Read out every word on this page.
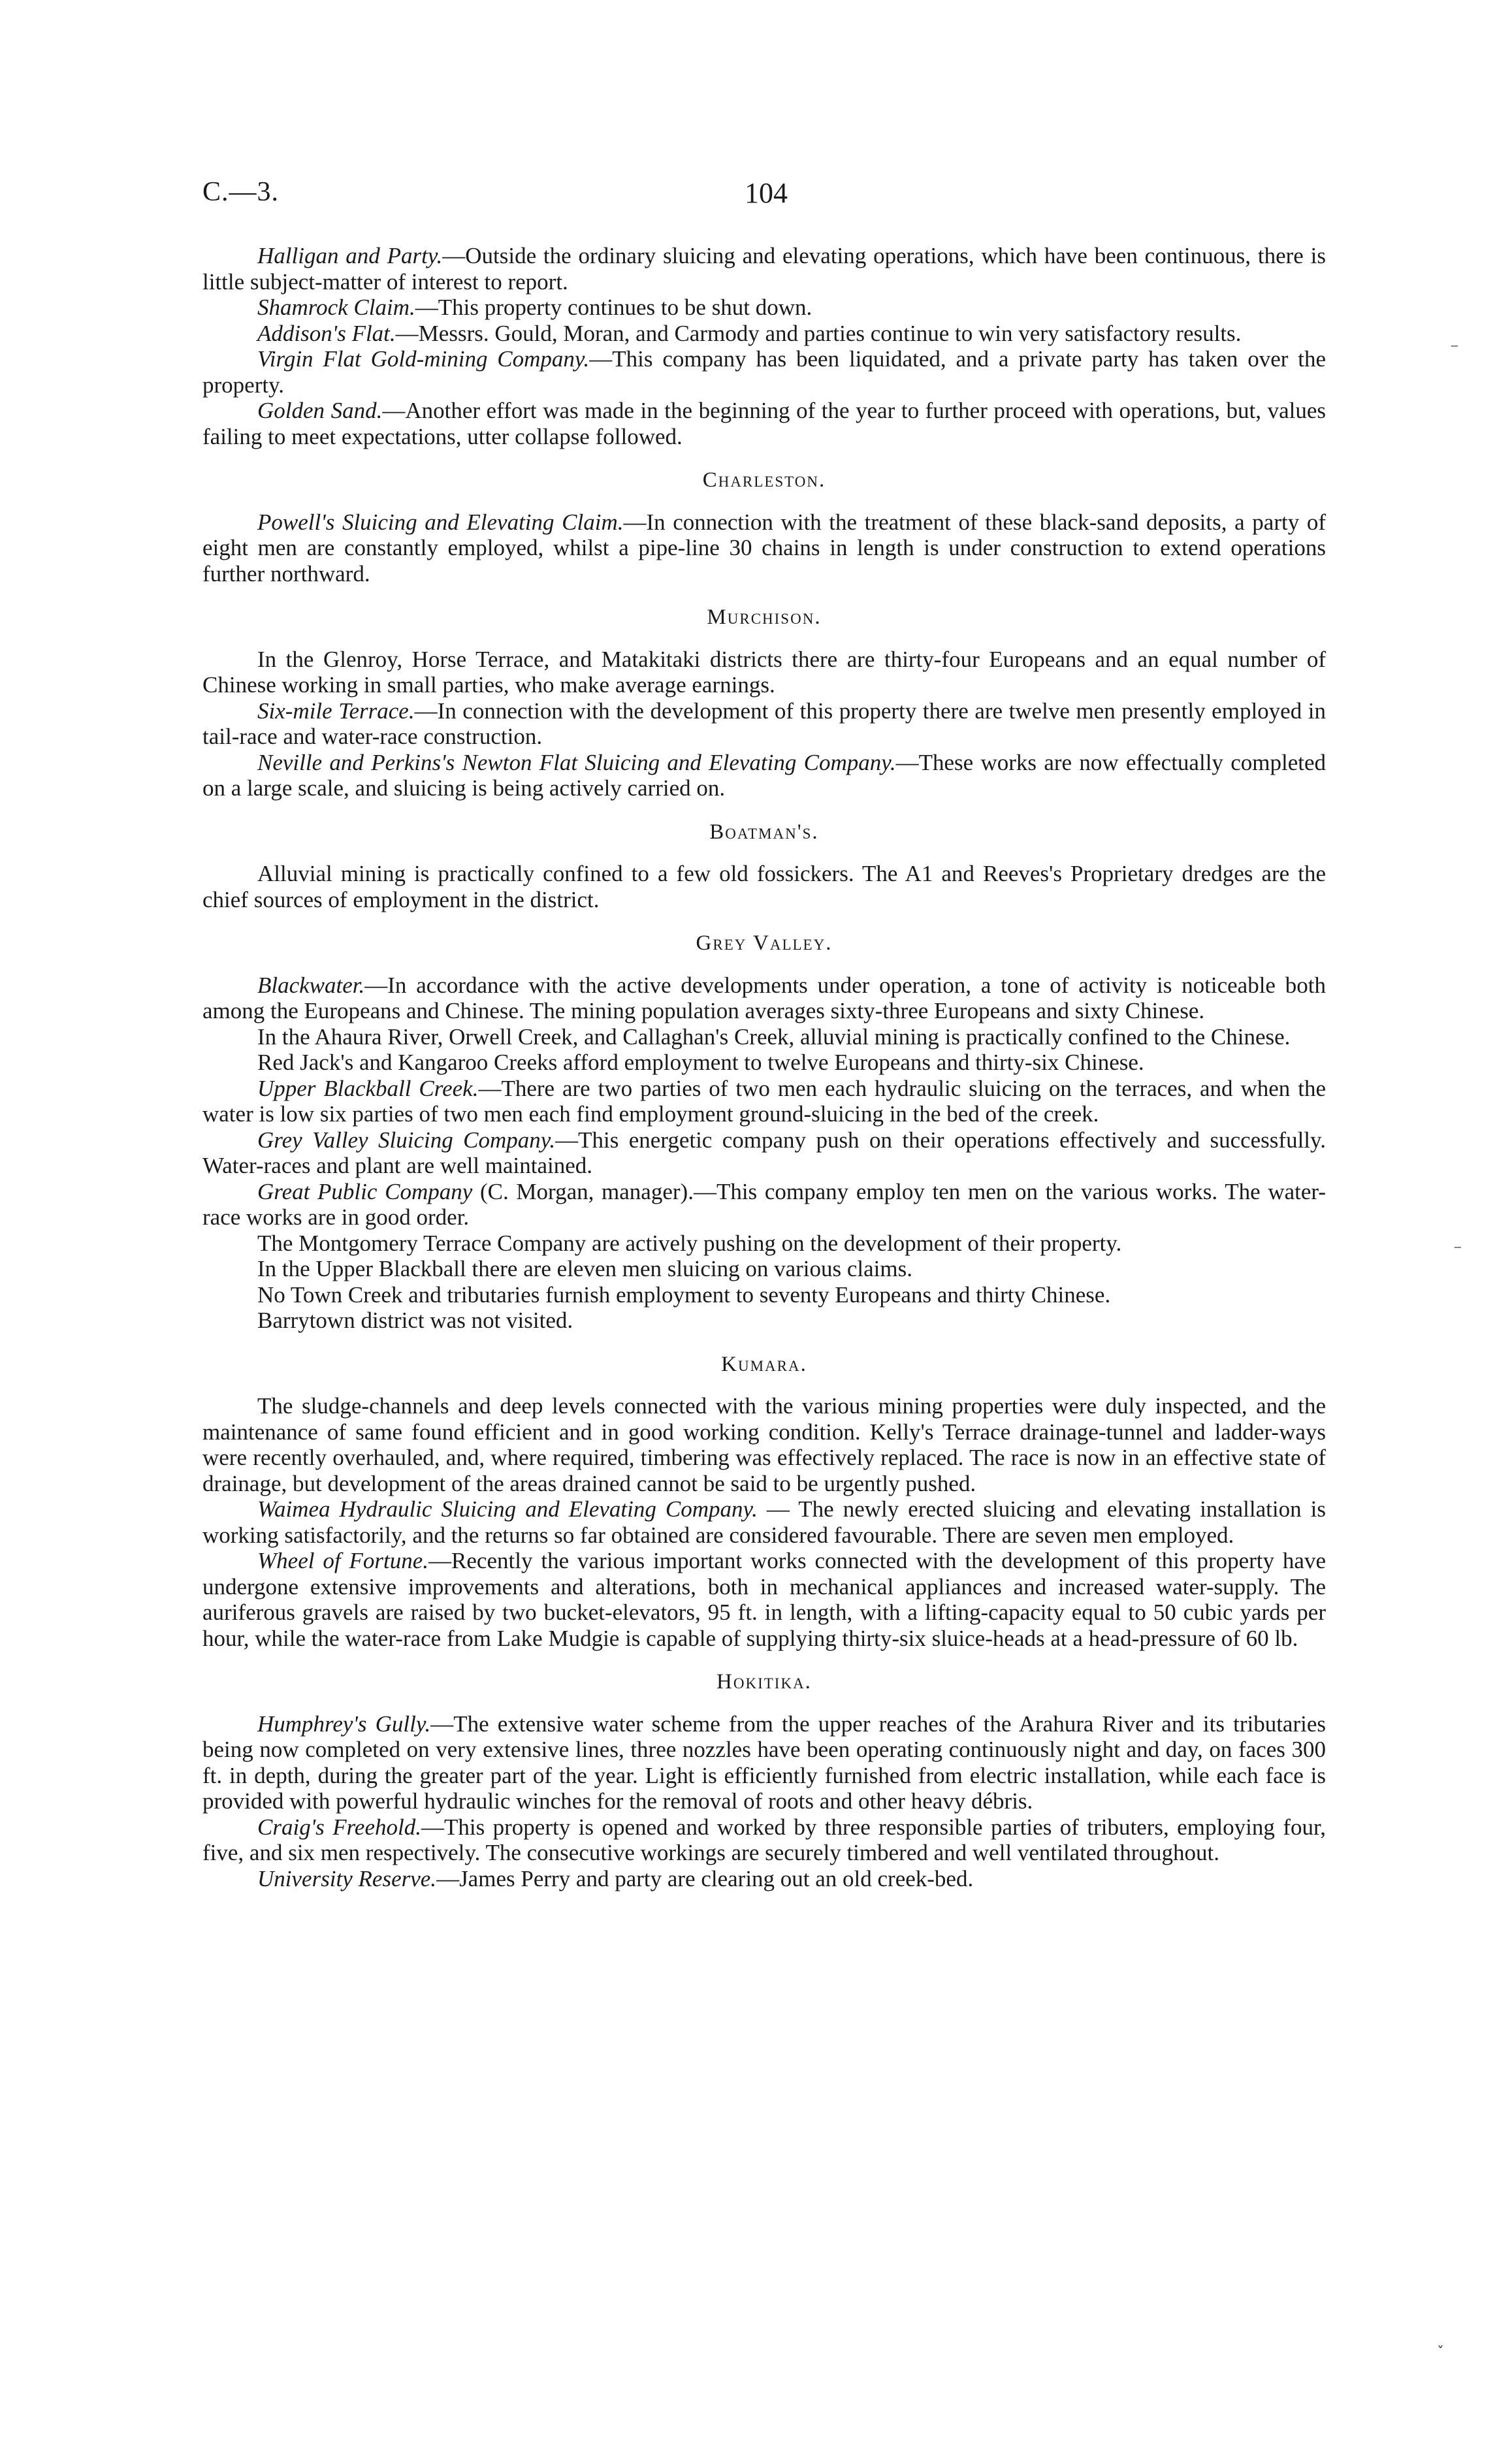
C.—3.	104

Halligan and Party.—Outside the ordinary sluicing and elevating operations, which have been continuous, there is little subject-matter of interest to report.

Shamrock Claim.—This property continues to be shut down.

Addison's Flat.—Messrs. Gould, Moran, and Carmody and parties continue to win very satisfactory results.

Virgin Flat Gold-mining Company.—This company has been liquidated, and a private party has taken over the property.

Golden Sand.—Another effort was made in the beginning of the year to further proceed with operations, but, values failing to meet expectations, utter collapse followed.

Charleston.

Powell's Sluicing and Elevating Claim.—In connection with the treatment of these black-sand deposits, a party of eight men are constantly employed, whilst a pipe-line 30 chains in length is under construction to extend operations further northward.

Murchison.

In the Glenroy, Horse Terrace, and Matakitaki districts there are thirty-four Europeans and an equal number of Chinese working in small parties, who make average earnings.

Six-mile Terrace.—In connection with the development of this property there are twelve men presently employed in tail-race and water-race construction.

Neville and Perkins's Newton Flat Sluicing and Elevating Company.—These works are now effectually completed on a large scale, and sluicing is being actively carried on.

Boatman's.

Alluvial mining is practically confined to a few old fossickers. The A1 and Reeves's Proprietary dredges are the chief sources of employment in the district.

Grey Valley.

Blackwater.—In accordance with the active developments under operation, a tone of activity is noticeable both among the Europeans and Chinese. The mining population averages sixty-three Europeans and sixty Chinese.

In the Ahaura River, Orwell Creek, and Callaghan's Creek, alluvial mining is practically confined to the Chinese.

Red Jack's and Kangaroo Creeks afford employment to twelve Europeans and thirty-six Chinese.

Upper Blackball Creek.—There are two parties of two men each hydraulic sluicing on the terraces, and when the water is low six parties of two men each find employment ground-sluicing in the bed of the creek.

Grey Valley Sluicing Company.—This energetic company push on their operations effectively and successfully. Water-races and plant are well maintained.

Great Public Company (C. Morgan, manager).—This company employ ten men on the various works. The water-race works are in good order.

The Montgomery Terrace Company are actively pushing on the development of their property.

In the Upper Blackball there are eleven men sluicing on various claims.

No Town Creek and tributaries furnish employment to seventy Europeans and thirty Chinese.

Barrytown district was not visited.

Kumara.

The sludge-channels and deep levels connected with the various mining properties were duly inspected, and the maintenance of same found efficient and in good working condition. Kelly's Terrace drainage-tunnel and ladder-ways were recently overhauled, and, where required, timbering was effectively replaced. The race is now in an effective state of drainage, but development of the areas drained cannot be said to be urgently pushed.

Waimea Hydraulic Sluicing and Elevating Company. — The newly erected sluicing and elevating installation is working satisfactorily, and the returns so far obtained are considered favourable. There are seven men employed.

Wheel of Fortune.—Recently the various important works connected with the development of this property have undergone extensive improvements and alterations, both in mechanical appliances and increased water-supply. The auriferous gravels are raised by two bucket-elevators, 95 ft. in length, with a lifting-capacity equal to 50 cubic yards per hour, while the water-race from Lake Mudgie is capable of supplying thirty-six sluice-heads at a head-pressure of 60 lb.

Hokitika.

Humphrey's Gully.—The extensive water scheme from the upper reaches of the Arahura River and its tributaries being now completed on very extensive lines, three nozzles have been operating continuously night and day, on faces 300 ft. in depth, during the greater part of the year. Light is efficiently furnished from electric installation, while each face is provided with powerful hydraulic winches for the removal of roots and other heavy débris.

Craig's Freehold.—This property is opened and worked by three responsible parties of tributers, employing four, five, and six men respectively. The consecutive workings are securely timbered and well ventilated throughout.

University Reserve.—James Perry and party are clearing out an old creek-bed.

⁻
⁻
ˇ
